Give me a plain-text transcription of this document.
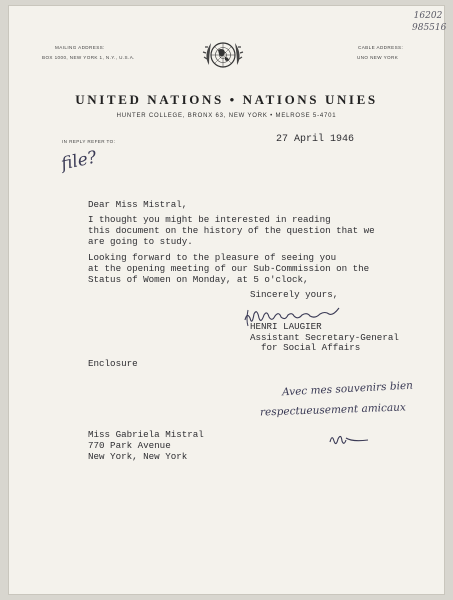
16202
985516
MAILING ADDRESS:
BOX 1000, NEW YORK 1, N.Y., U.S.A.
CABLE ADDRESS:
UNO NEW YORK
UNITED NATIONS • NATIONS UNIES
HUNTER COLLEGE, BRONX 63, NEW YORK • MELROSE 5-4701
IN REPLY REFER TO:	27 April 1946
file?
Dear Miss Mistral,
I thought you might be interested in reading
this document on the history of the question that we
are going to study.
Looking forward to the pleasure of seeing you
at the opening meeting of our Sub-Commission on the
Status of Women on Monday, at 5 o'clock,
Sincerely yours,
HENRI LAUGIER
Assistant Secretary-General
for Social Affairs
Enclosure
Avec mes souvenirs bien
respectueusement amicaux
Miss Gabriela Mistral
770 Park Avenue
New York, New York
